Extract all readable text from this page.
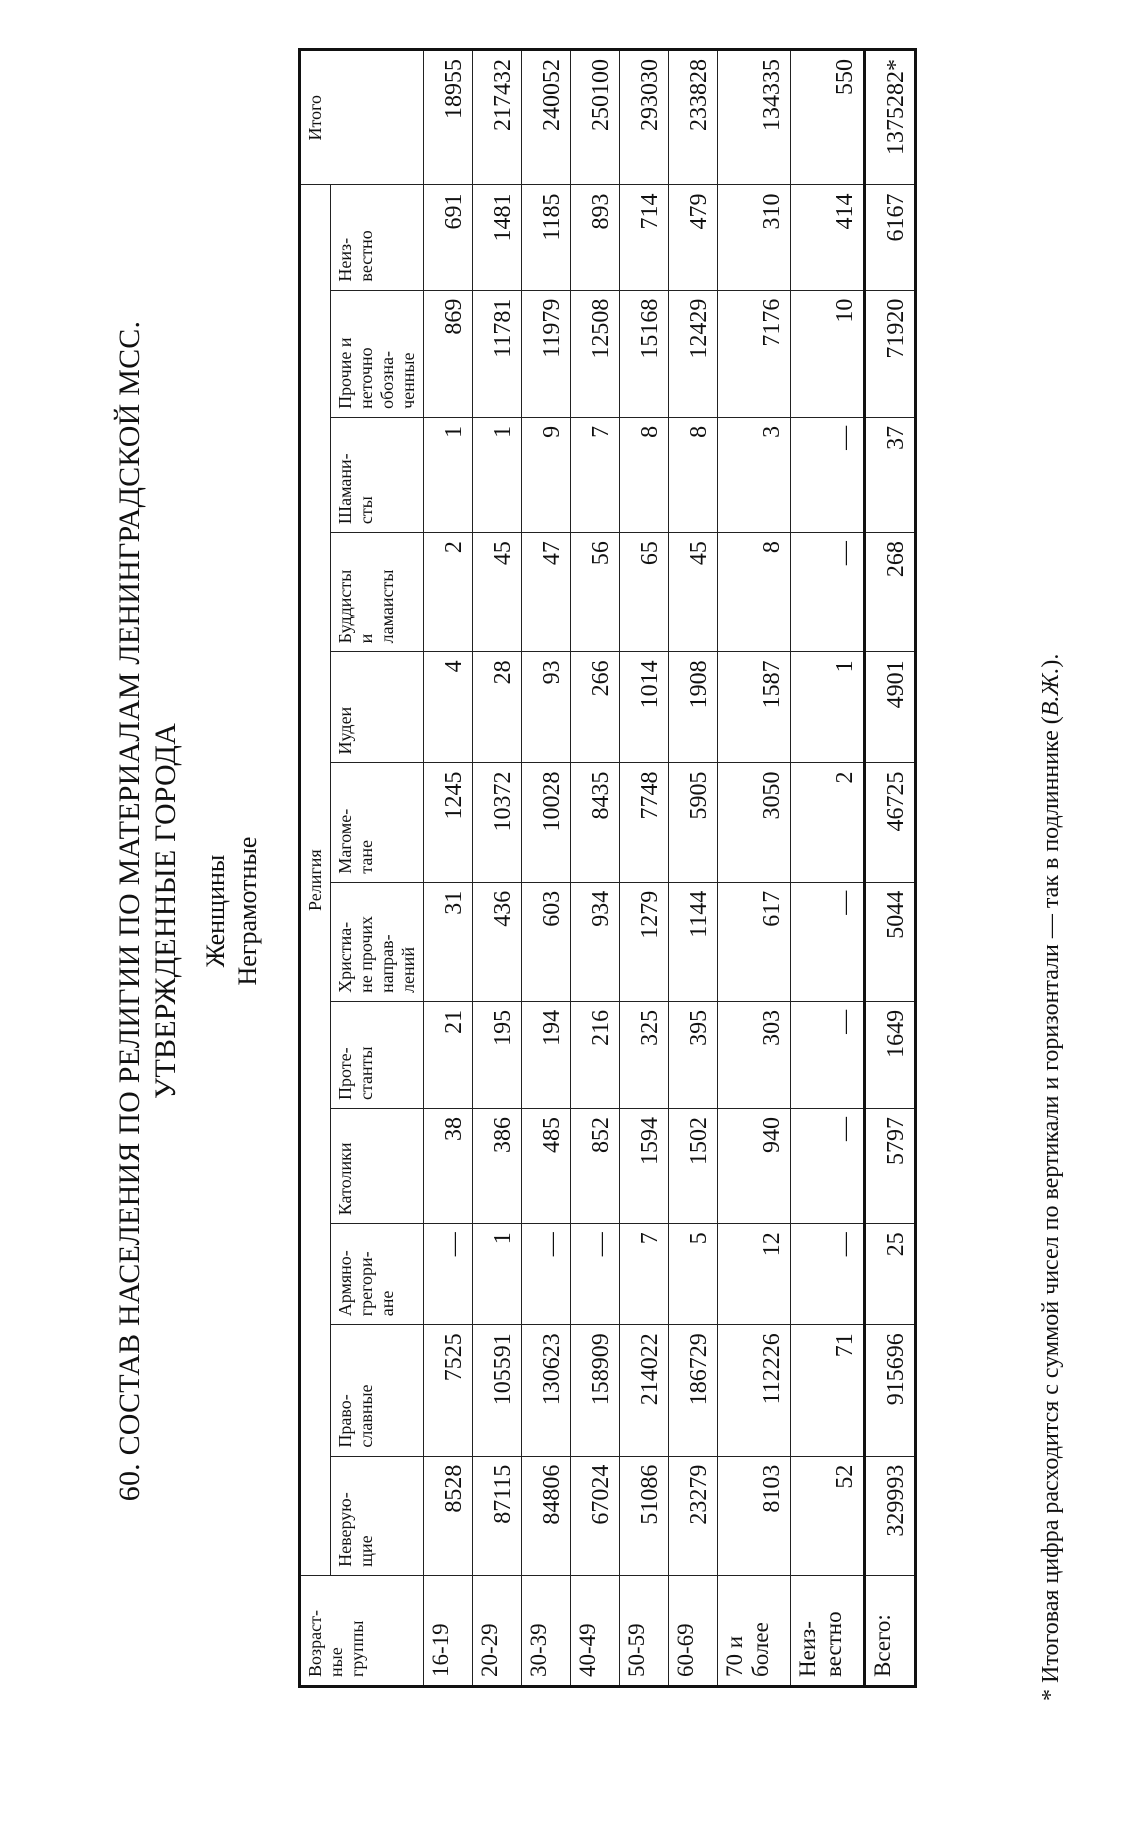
60. СОСТАВ НАСЕЛЕНИЯ ПО РЕЛИГИИ ПО МАТЕРИАЛАМ ЛЕНИНГРАДСКОЙ МСС. УТВЕРЖДЕННЫЕ ГОРОДА Женщины Неграмотные
Возраст-
ные
группы	Религия												Итого
	Неверую-
щие	Право-
славные	Армяно-
грегори-
ане	Католики	Проте-
станты	Христиа-
не прочих
направ-
лений	Магоме-
тане	Иудеи	Буддисты
и
ламаисты	Шамани-
сты	Прочие и
неточно
обозна-
ченные	Неиз-
вестно	
16-19	8528	7525	—	38	21	31	1245	4	2	1	869	691	18955
20-29	87115	105591	1	386	195	436	10372	28	45	1	11781	1481	217432
30-39	84806	130623	—	485	194	603	10028	93	47	9	11979	1185	240052
40-49	67024	158909	—	852	216	934	8435	266	56	7	12508	893	250100
50-59	51086	214022	7	1594	325	1279	7748	1014	65	8	15168	714	293030
60-69	23279	186729	5	1502	395	1144	5905	1908	45	8	12429	479	233828
70 и
более	8103	112226	12	940	303	617	3050	1587	8	3	7176	310	134335
Неиз-
вестно	52	71	—	—	—	—	2	1	—	—	10	414	550
Всего:	329993	915696	25	5797	1649	5044	46725	4901	268	37	71920	6167	1375282*
* Итоговая цифра расходится с суммой чисел по вертикали и горизонтали — так в подлиннике (В.Ж.).
